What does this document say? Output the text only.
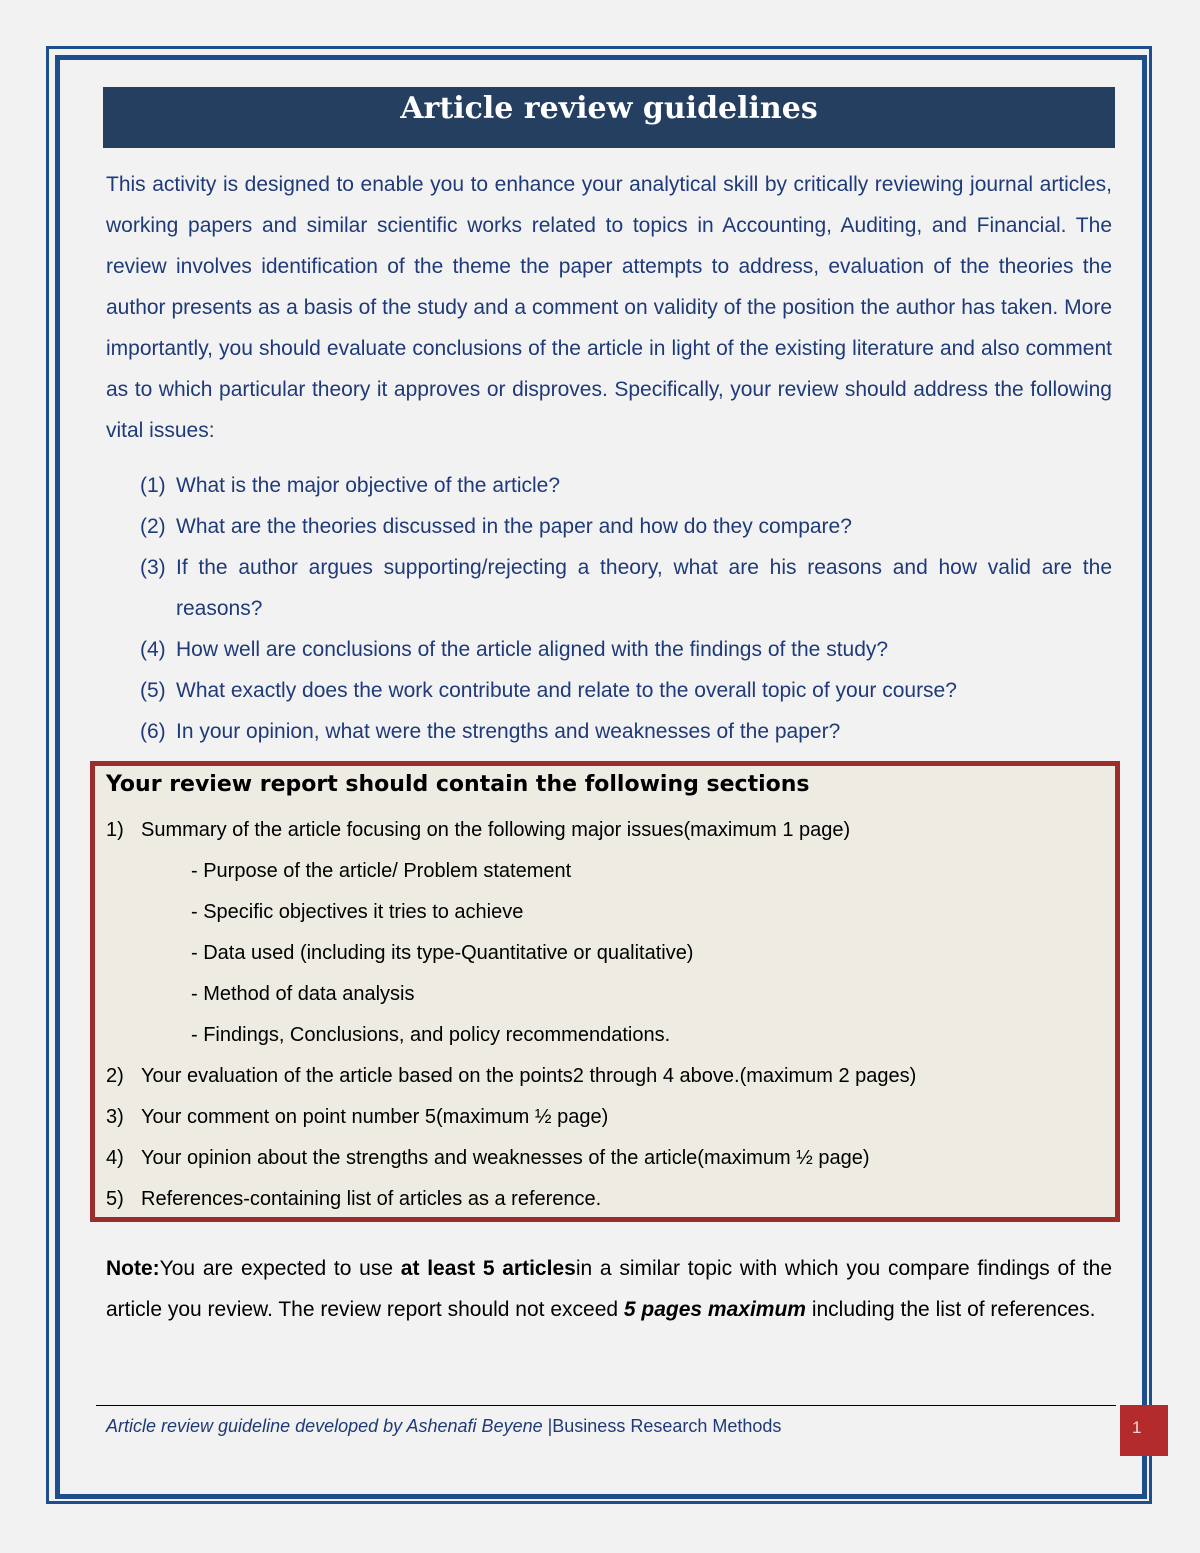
Article review guidelines

This activity is designed to enable you to enhance your analytical skill by critically reviewing journal articles, working papers and similar scientific works related to topics in Accounting, Auditing, and Financial. The review involves identification of the theme the paper attempts to address, evaluation of the theories the author presents as a basis of the study and a comment on validity of the position the author has taken. More importantly, you should evaluate conclusions of the article in light of the existing literature and also comment as to which particular theory it approves or disproves. Specifically, your review should address the following vital issues:

(1) What is the major objective of the article?
(2) What are the theories discussed in the paper and how do they compare?
(3) If the author argues supporting/rejecting a theory, what are his reasons and how valid are the reasons?
(4) How well are conclusions of the article aligned with the findings of the study?
(5) What exactly does the work contribute and relate to the overall topic of your course?
(6) In your opinion, what were the strengths and weaknesses of the paper?
Your review report should contain the following sections
1) Summary of the article focusing on the following major issues(maximum 1 page)
- Purpose of the article/ Problem statement
- Specific objectives it tries to achieve
- Data used (including its type-Quantitative or qualitative)
- Method of data analysis
- Findings, Conclusions, and policy recommendations.
2) Your evaluation of the article based on the points2 through 4 above.(maximum 2 pages)
3) Your comment on point number 5(maximum ½ page)
4) Your opinion about the strengths and weaknesses of the article(maximum ½ page)
5) References-containing list of articles as a reference.

Note:You are expected to use at least 5 articlesin a similar topic with which you compare findings of the article you review. The review report should not exceed 5 pages maximum including the list of references.

Article review guideline developed by Ashenafi Beyene |Business Research Methods	1
